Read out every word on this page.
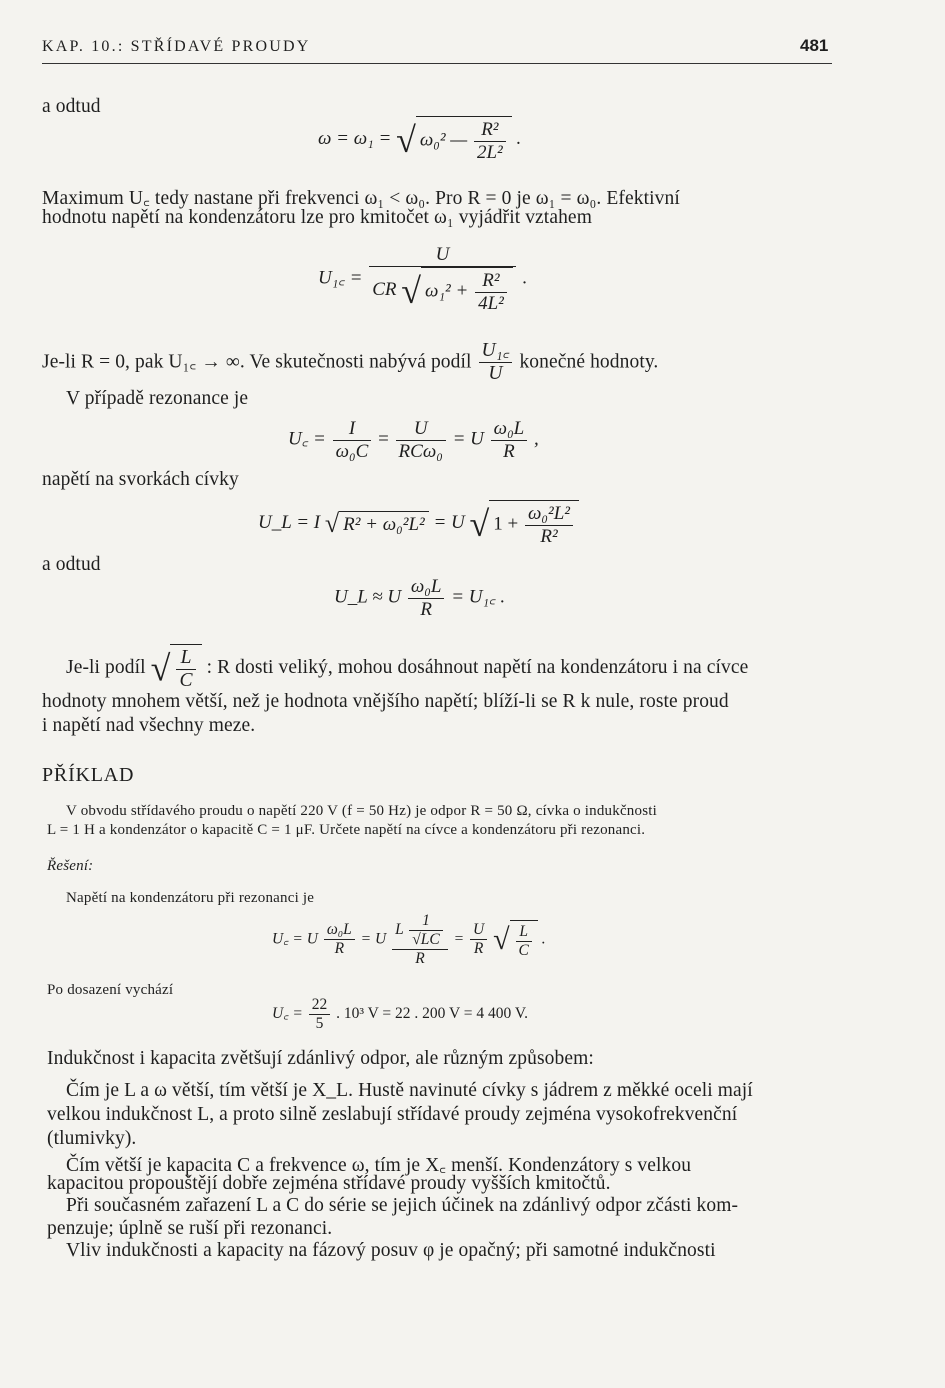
KAP. 10.: STŘÍDAVÉ PROUDY	481
a odtud
ω = ω₁ = √ ω₀² — $\frac{\text{R²}}{\text{2L²}}$ .
Maximum U꜀ tedy nastane při frekvenci ω₁ < ω₀. Pro R = 0 je ω₁ = ω₀. Efektivní
hodnotu napětí na kondenzátoru lze pro kmitočet ω₁ vyjádřit vztahem
U₁꜀ = $\frac{U}{CR √ \omega_1^2 + \frac{\text{R²}}{\text{4L²}}}$ .
Je-li R = 0, pak U₁꜀ → ∞. Ve skutečnosti nabývá podíl $\frac{\text{U₁꜀}}{U}$ konečné hodnoty.
V případě rezonance je
U꜀ = $\frac{I}{\text{ω₀C}} = \frac{U}{\text{RCω₀}} = U \frac{\text{ω₀L}}{R}$ ,
napětí na svorkách cívky
U_L = I √ R² + ω₀²L² = U √ $1 + \frac{\text{ω₀²L²}}{\text{R²}}$
a odtud
U_L ≈ U $\frac{\text{ω₀L}}{R}$ = U₁꜀ .
Je-li podíl √ $\frac{L}{C}$ : R dosti veliký, mohou dosáhnout napětí na kondenzátoru i na cívce
hodnoty mnohem větší, než je hodnota vnějšího napětí; blíží-li se R k nule, roste proud
i napětí nad všechny meze.
PŘÍKLAD
V obvodu střídavého proudu o napětí 220 V (f = 50 Hz) je odpor R = 50 Ω, cívka o indukčnosti
L = 1 H a kondenzátor o kapacitě C = 1 μF. Určete napětí na cívce a kondenzátoru při rezonanci.
Řešení:
Napětí na kondenzátoru při rezonanci je
U꜀ = U $\frac{\text{ω₀L}}{R} = U \frac{L \frac{1}{√LC}}{R} = \frac{U}{R}$ √ $\frac{L}{C}$ .
Po dosazení vychází
U꜀ = $\frac{22}{5}$ . 10³ V = 22 . 200 V = 4 400 V.
Indukčnost i kapacita zvětšují zdánlivý odpor, ale různým způsobem:
Čím je L a ω větší, tím větší je X_L. Hustě navinuté cívky s jádrem z měkké oceli mají
velkou indukčnost L, a proto silně zeslabují střídavé proudy zejména vysokofrekvenční
(tlumivky).
Čím větší je kapacita C a frekvence ω, tím je X꜀ menší. Kondenzátory s velkou
kapacitou propouštějí dobře zejména střídavé proudy vyšších kmitočtů.
Při současném zařazení L a C do série se jejich účinek na zdánlivý odpor zčásti kom-
penzuje; úplně se ruší při rezonanci.
Vliv indukčnosti a kapacity na fázový posuv φ je opačný; při samotné indukčnosti
